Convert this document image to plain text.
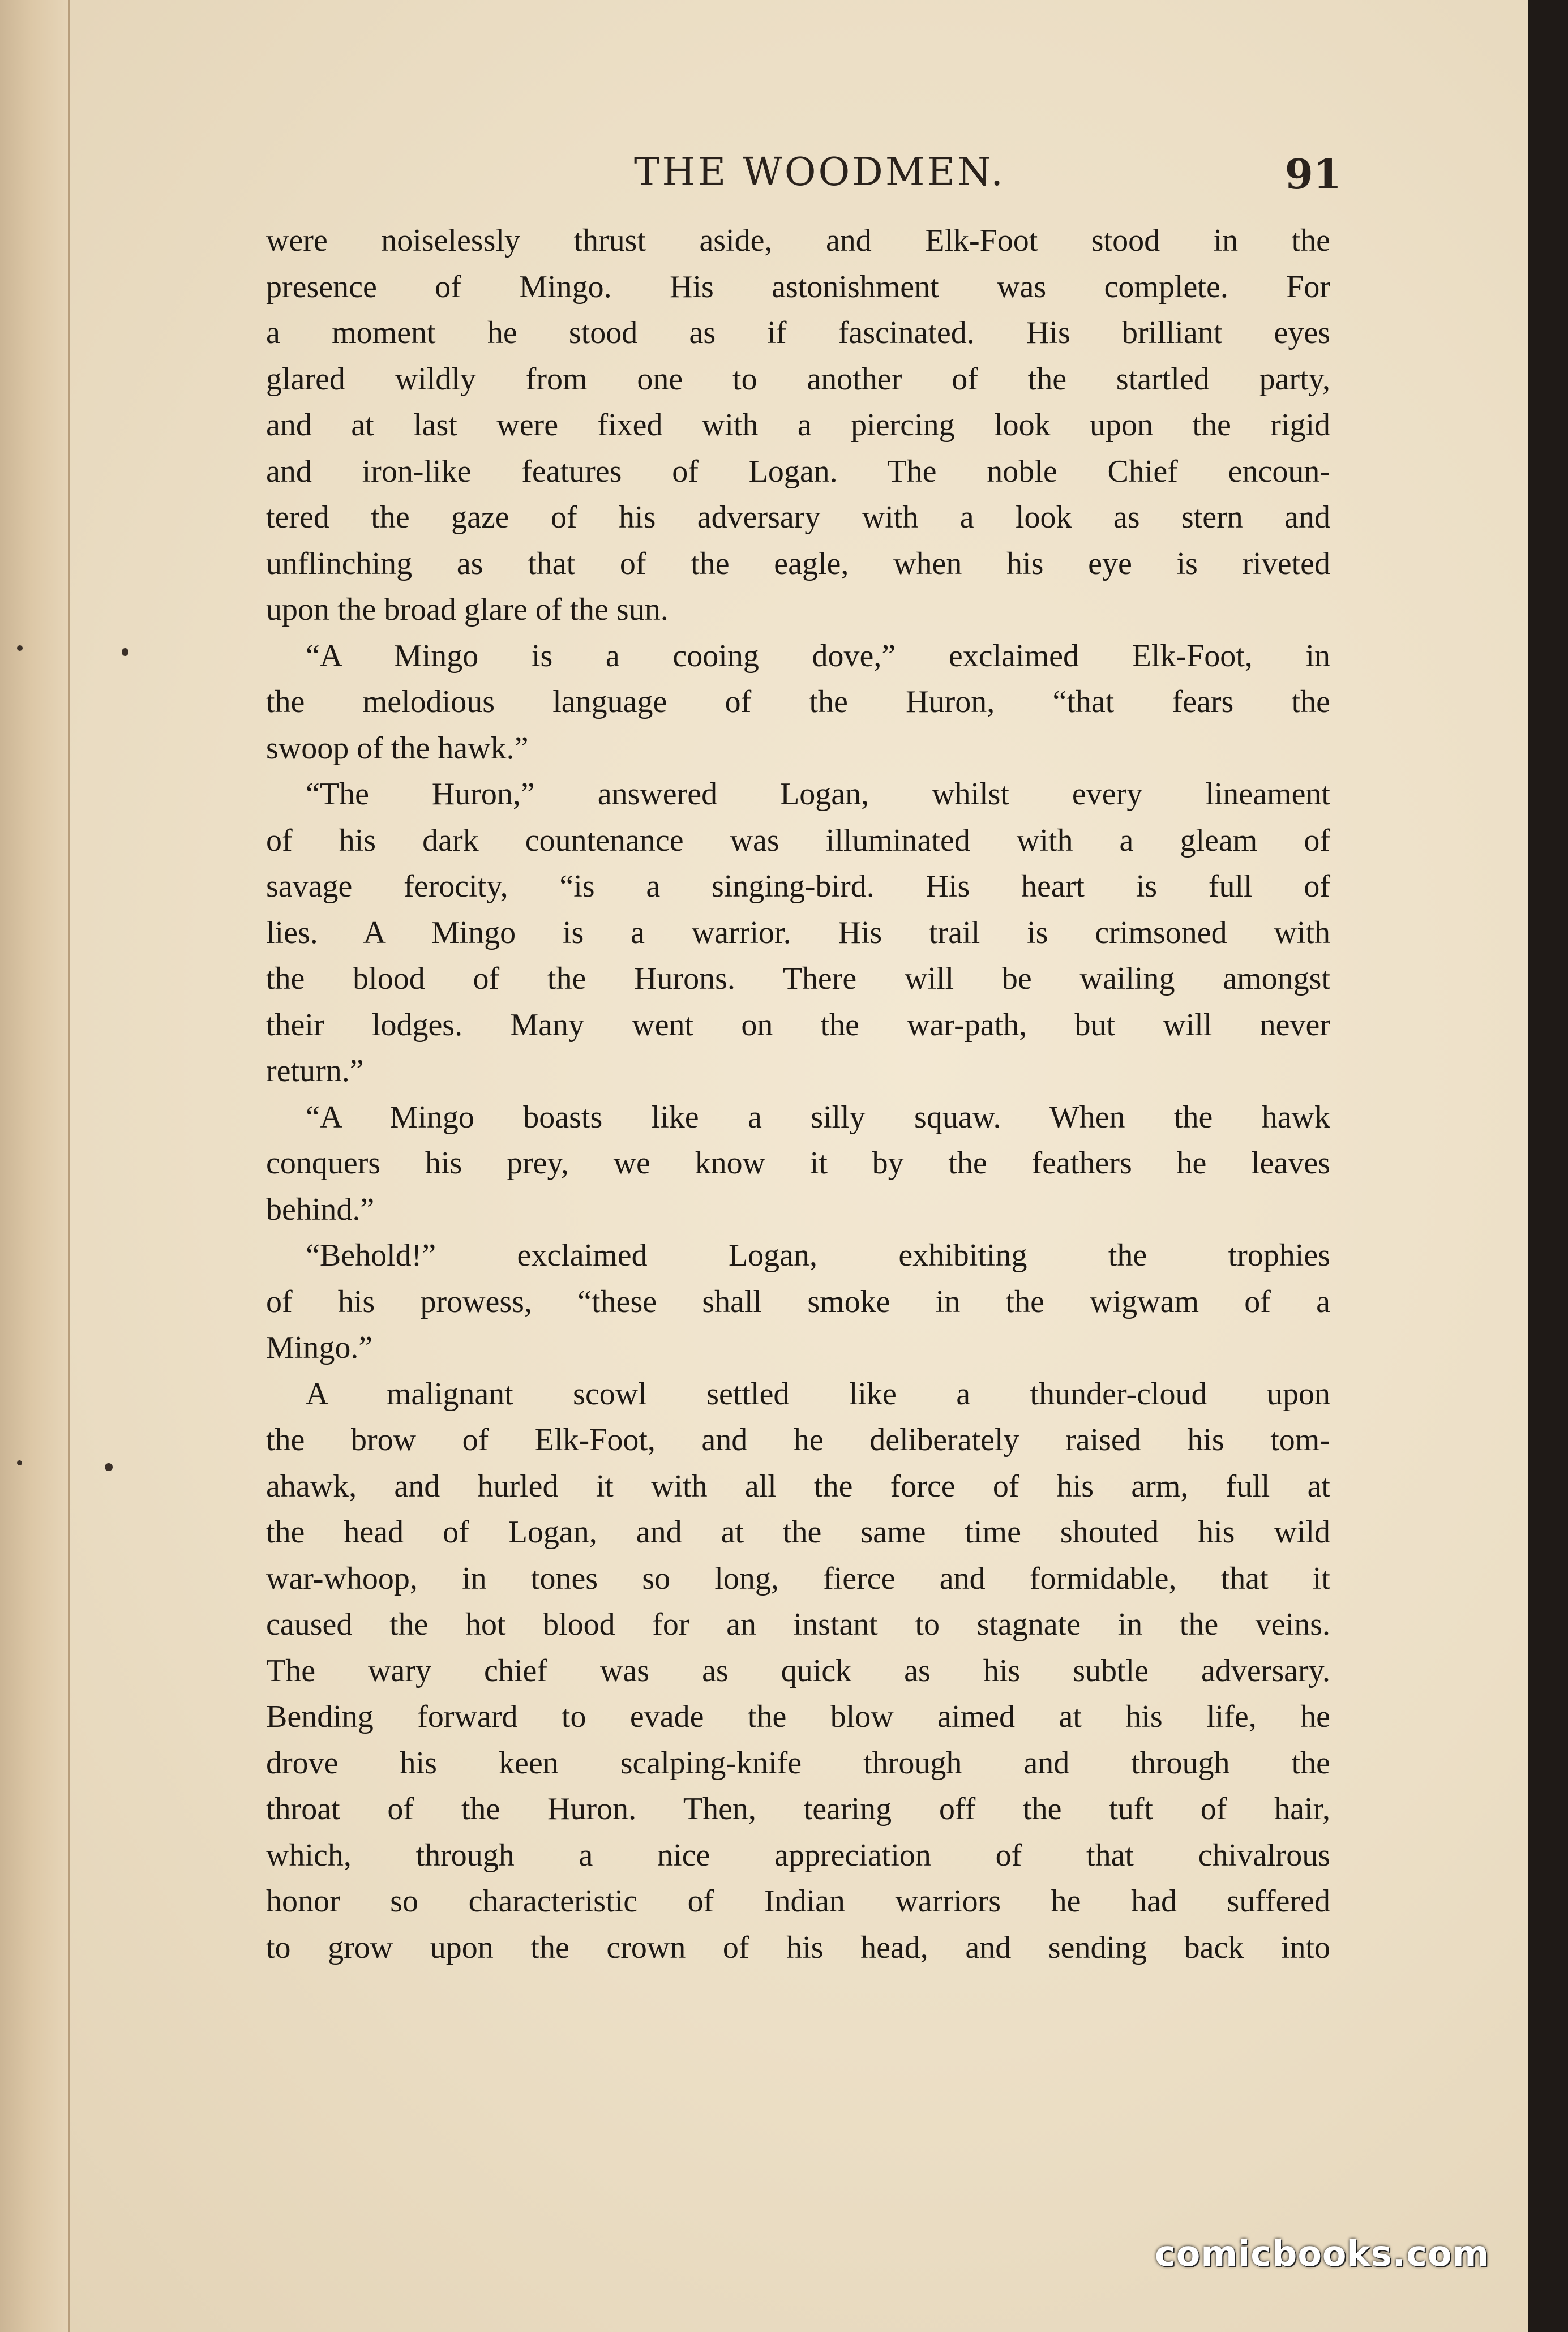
THE WOODMEN.	91
were noiselessly thrust aside, and Elk-Foot stood in the
presence of Mingo. His astonishment was complete. For
a moment he stood as if fascinated. His brilliant eyes
glared wildly from one to another of the startled party,
and at last were fixed with a piercing look upon the rigid
and iron-like features of Logan. The noble Chief encoun-
tered the gaze of his adversary with a look as stern and
unflinching as that of the eagle, when his eye is riveted
upon the broad glare of the sun.
“A Mingo is a cooing dove,” exclaimed Elk-Foot, in
the melodious language of the Huron, “that fears the
swoop of the hawk.”
“The Huron,” answered Logan, whilst every lineament
of his dark countenance was illuminated with a gleam of
savage ferocity, “is a singing-bird. His heart is full of
lies. A Mingo is a warrior. His trail is crimsoned with
the blood of the Hurons. There will be wailing amongst
their lodges. Many went on the war-path, but will never
return.”
“A Mingo boasts like a silly squaw. When the hawk
conquers his prey, we know it by the feathers he leaves
behind.”
“Behold!” exclaimed Logan, exhibiting the trophies
of his prowess, “these shall smoke in the wigwam of a
Mingo.”
A malignant scowl settled like a thunder-cloud upon
the brow of Elk-Foot, and he deliberately raised his tom-
ahawk, and hurled it with all the force of his arm, full at
the head of Logan, and at the same time shouted his wild
war-whoop, in tones so long, fierce and formidable, that it
caused the hot blood for an instant to stagnate in the veins.
The wary chief was as quick as his subtle adversary.
Bending forward to evade the blow aimed at his life, he
drove his keen scalping-knife through and through the
throat of the Huron. Then, tearing off the tuft of hair,
which, through a nice appreciation of that chivalrous
honor so characteristic of Indian warriors he had suffered
to grow upon the crown of his head, and sending back into
comicbooks.com
